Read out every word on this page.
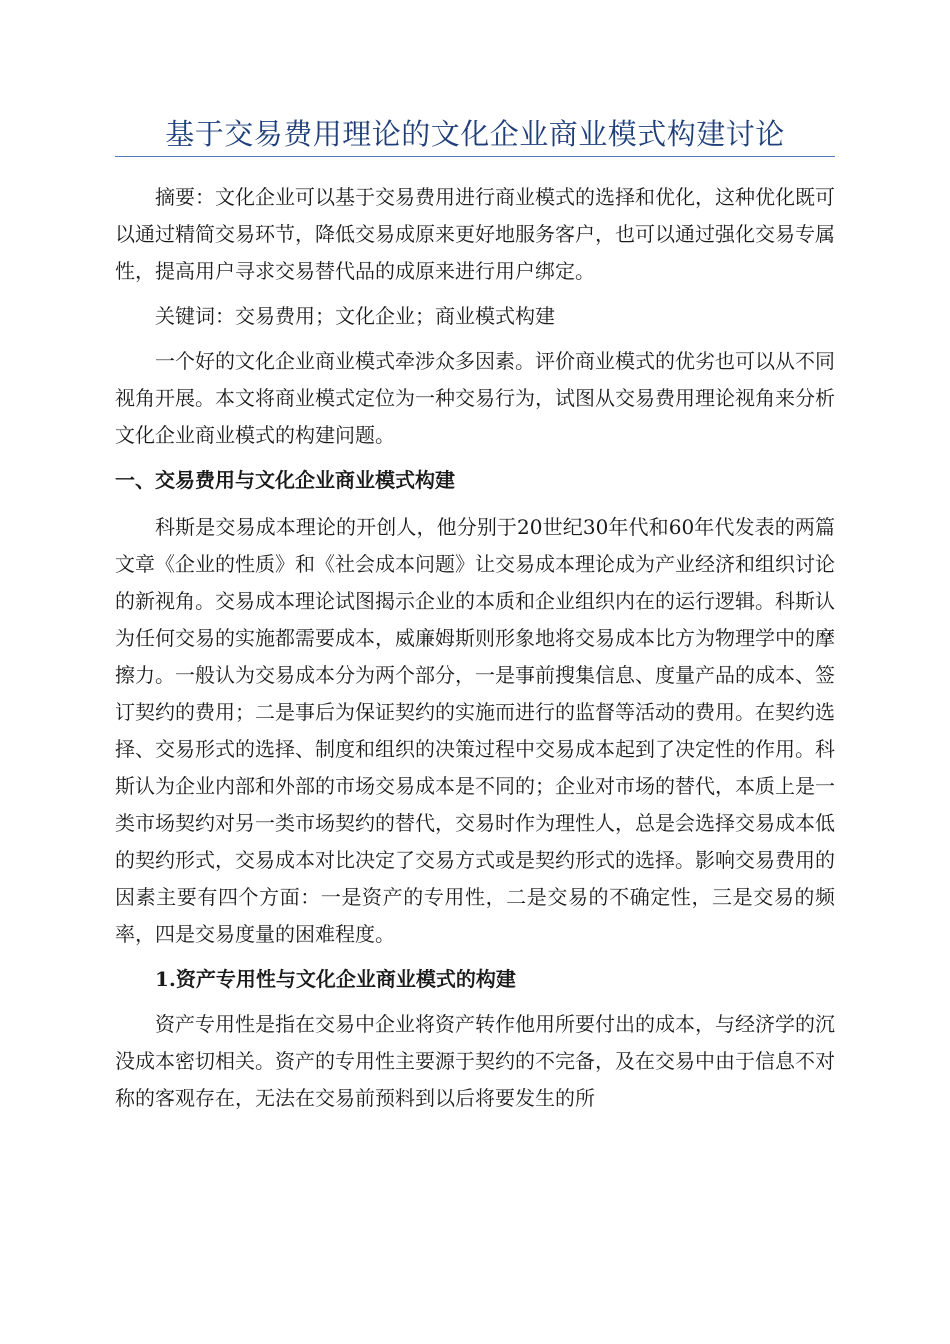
基于交易费用理论的文化企业商业模式构建讨论

摘要：文化企业可以基于交易费用进行商业模式的选择和优化，这种优化既可以通过精简交易环节，降低交易成原来更好地服务客户，也可以通过强化交易专属性，提高用户寻求交易替代品的成原来进行用户绑定。

关键词：交易费用；文化企业；商业模式构建

一个好的文化企业商业模式牵涉众多因素。评价商业模式的优劣也可以从不同视角开展。本文将商业模式定位为一种交易行为，试图从交易费用理论视角来分析文化企业商业模式的构建问题。

一、交易费用与文化企业商业模式构建

科斯是交易成本理论的开创人，他分别于20世纪30年代和60年代发表的两篇文章《企业的性质》和《社会成本问题》让交易成本理论成为产业经济和组织讨论的新视角。交易成本理论试图揭示企业的本质和企业组织内在的运行逻辑。科斯认为任何交易的实施都需要成本，威廉姆斯则形象地将交易成本比方为物理学中的摩擦力。一般认为交易成本分为两个部分，一是事前搜集信息、度量产品的成本、签订契约的费用；二是事后为保证契约的实施而进行的监督等活动的费用。在契约选择、交易形式的选择、制度和组织的决策过程中交易成本起到了决定性的作用。科斯认为企业内部和外部的市场交易成本是不同的；企业对市场的替代，本质上是一类市场契约对另一类市场契约的替代，交易时作为理性人，总是会选择交易成本低的契约形式，交易成本对比决定了交易方式或是契约形式的选择。影响交易费用的因素主要有四个方面：一是资产的专用性，二是交易的不确定性，三是交易的频率，四是交易度量的困难程度。

1.资产专用性与文化企业商业模式的构建

资产专用性是指在交易中企业将资产转作他用所要付出的成本，与经济学的沉没成本密切相关。资产的专用性主要源于契约的不完备，及在交易中由于信息不对称的客观存在，无法在交易前预料到以后将要发生的所
